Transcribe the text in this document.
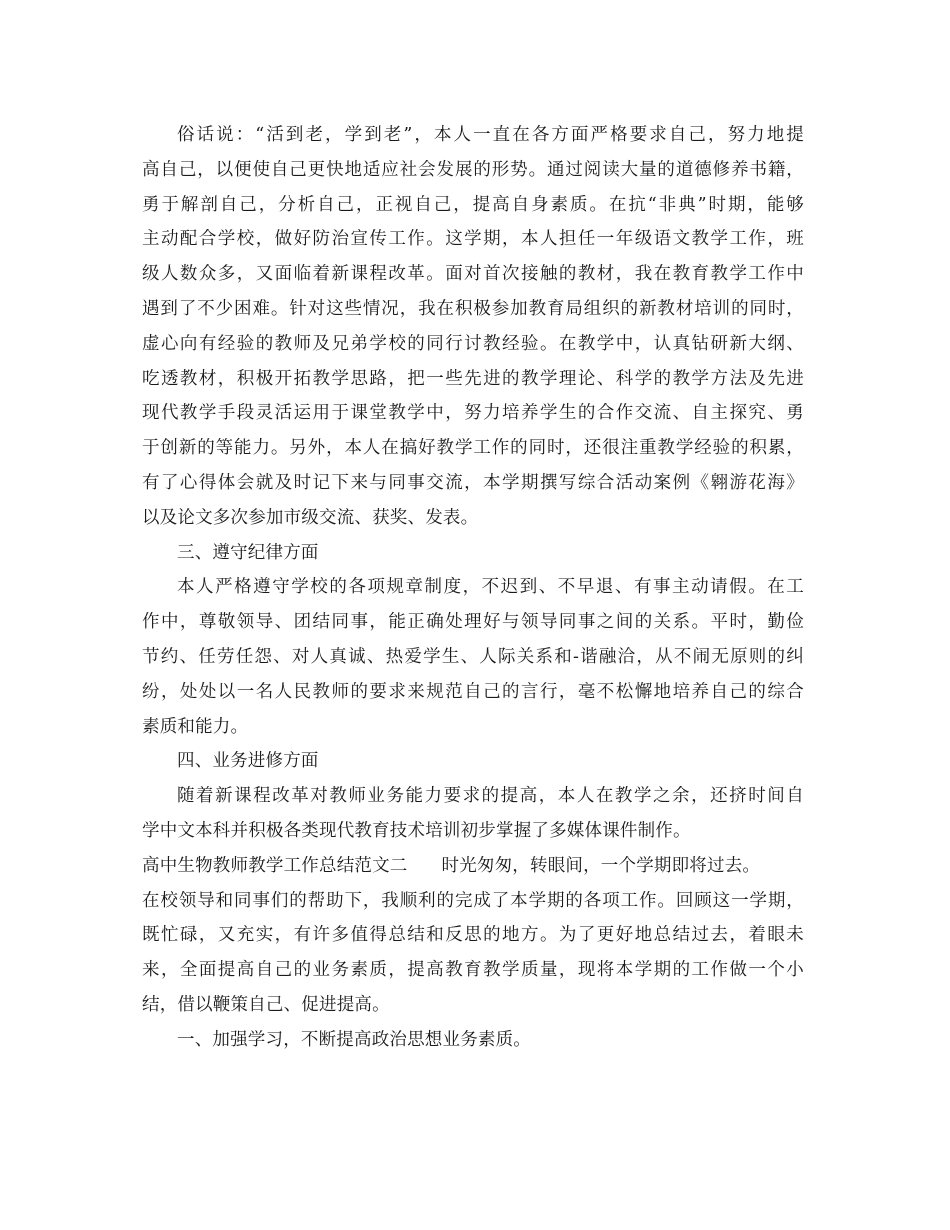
俗话说：“活到老，学到老”，本人一直在各方面严格要求自己，努力地提
高自己，以便使自己更快地适应社会发展的形势。通过阅读大量的道德修养书籍，
勇于解剖自己，分析自己，正视自己，提高自身素质。在抗“非典”时期，能够
主动配合学校，做好防治宣传工作。这学期，本人担任一年级语文教学工作，班
级人数众多，又面临着新课程改革。面对首次接触的教材，我在教育教学工作中
遇到了不少困难。针对这些情况，我在积极参加教育局组织的新教材培训的同时，
虚心向有经验的教师及兄弟学校的同行讨教经验。在教学中，认真钻研新大纲、
吃透教材，积极开拓教学思路，把一些先进的教学理论、科学的教学方法及先进
现代教学手段灵活运用于课堂教学中，努力培养学生的合作交流、自主探究、勇
于创新的等能力。另外，本人在搞好教学工作的同时，还很注重教学经验的积累，
有了心得体会就及时记下来与同事交流，本学期撰写综合活动案例《翱游花海》
以及论文多次参加市级交流、获奖、发表。
三、遵守纪律方面
本人严格遵守学校的各项规章制度，不迟到、不早退、有事主动请假。在工
作中，尊敬领导、团结同事，能正确处理好与领导同事之间的关系。平时，勤俭
节约、任劳任怨、对人真诚、热爱学生、人际关系和-谐融洽，从不闹无原则的纠
纷，处处以一名人民教师的要求来规范自己的言行，毫不松懈地培养自己的综合
素质和能力。
四、业务进修方面
随着新课程改革对教师业务能力要求的提高，本人在教学之余，还挤时间自
学中文本科并积极各类现代教育技术培训初步掌握了多媒体课件制作。
高中生物教师教学工作总结范文二 时光匆匆，转眼间，一个学期即将过去。
在校领导和同事们的帮助下，我顺利的完成了本学期的各项工作。回顾这一学期，
既忙碌，又充实，有许多值得总结和反思的地方。为了更好地总结过去，着眼未
来，全面提高自己的业务素质，提高教育教学质量，现将本学期的工作做一个小
结，借以鞭策自己、促进提高。
一、加强学习，不断提高政治思想业务素质。
